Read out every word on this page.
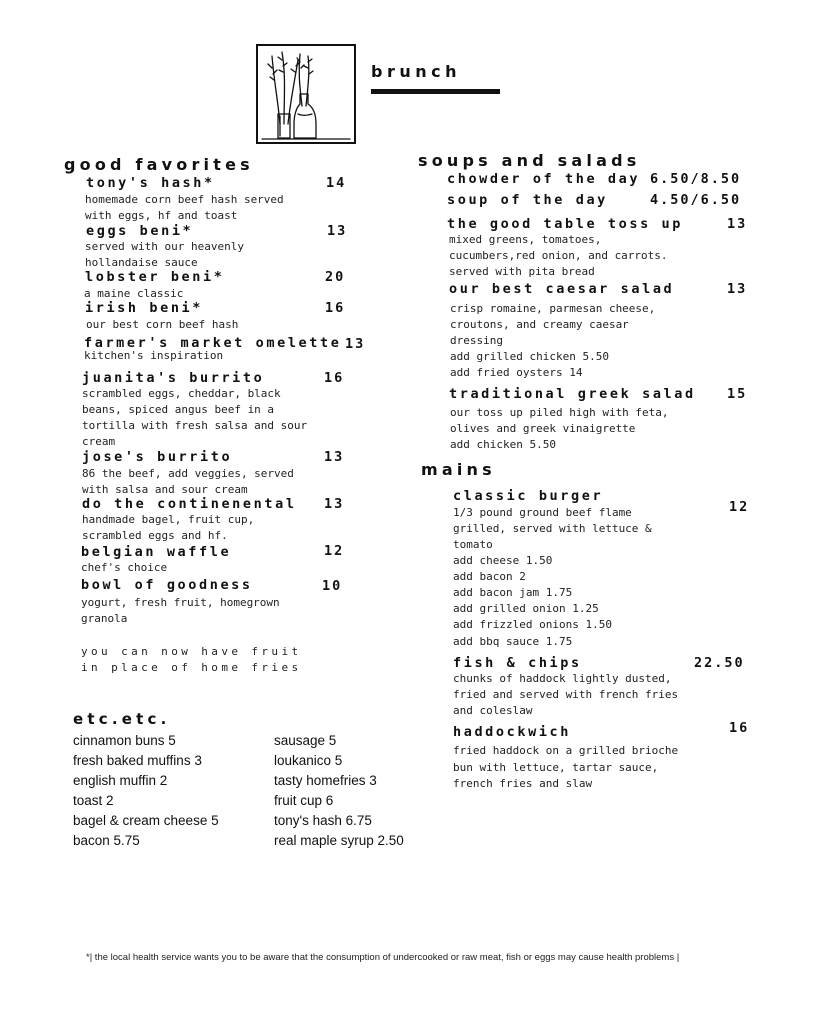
brunch
good favorites
tony's hash*	14
homemade corn beef hash served
with eggs, hf and toast
eggs beni*	13
served with our heavenly
hollandaise sauce
lobster beni*	20
a maine classic
irish beni*	16
our best corn beef hash
farmer's market omelette 13
kitchen's inspiration
juanita's burrito	16
scrambled eggs, cheddar, black
beans, spiced angus beef in a
tortilla with fresh salsa and sour
cream
jose's burrito	13
86 the beef, add veggies, served
with salsa and sour cream
do the continenental 13
handmade bagel, fruit cup,
scrambled eggs and hf.
belgian waffle	12
chef's choice
bowl of goodness	10
yogurt, fresh fruit, homegrown
granola
you can now have fruit
in place of home fries
etc.etc.
cinnamon buns 5
fresh baked muffins 3
english muffin 2
toast 2
bagel & cream cheese 5
bacon 5.75
sausage 5
loukanico 5
tasty homefries 3
fruit cup 6
tony's hash 6.75
real maple syrup 2.50
soups and salads
chowder of the day 6.50/8.50
soup of the day	4.50/6.50
the good table toss up	13
mixed greens, tomatoes,
cucumbers,red onion, and carrots.
served with pita bread
our best caesar salad	13
crisp romaine, parmesan cheese,
croutons, and creamy caesar
dressing
add grilled chicken 5.50
add fried oysters 14
traditional greek salad 15
our toss up piled high with feta,
olives and greek vinaigrette
add chicken 5.50
mains
classic burger
12
1/3 pound ground beef flame
grilled, served with lettuce &
tomato
add cheese 1.50
add bacon 2
add bacon jam 1.75
add grilled onion 1.25
add frizzled onions 1.50
add bbq sauce 1.75
fish & chips	22.50
chunks of haddock lightly dusted,
fried and served with french fries
and coleslaw
haddockwich	16
fried haddock on a grilled brioche
bun with lettuce, tartar sauce,
french fries and slaw
*| the local health service wants you to be aware that the consumption of undercooked or raw meat, fish or eggs may cause health problems |
